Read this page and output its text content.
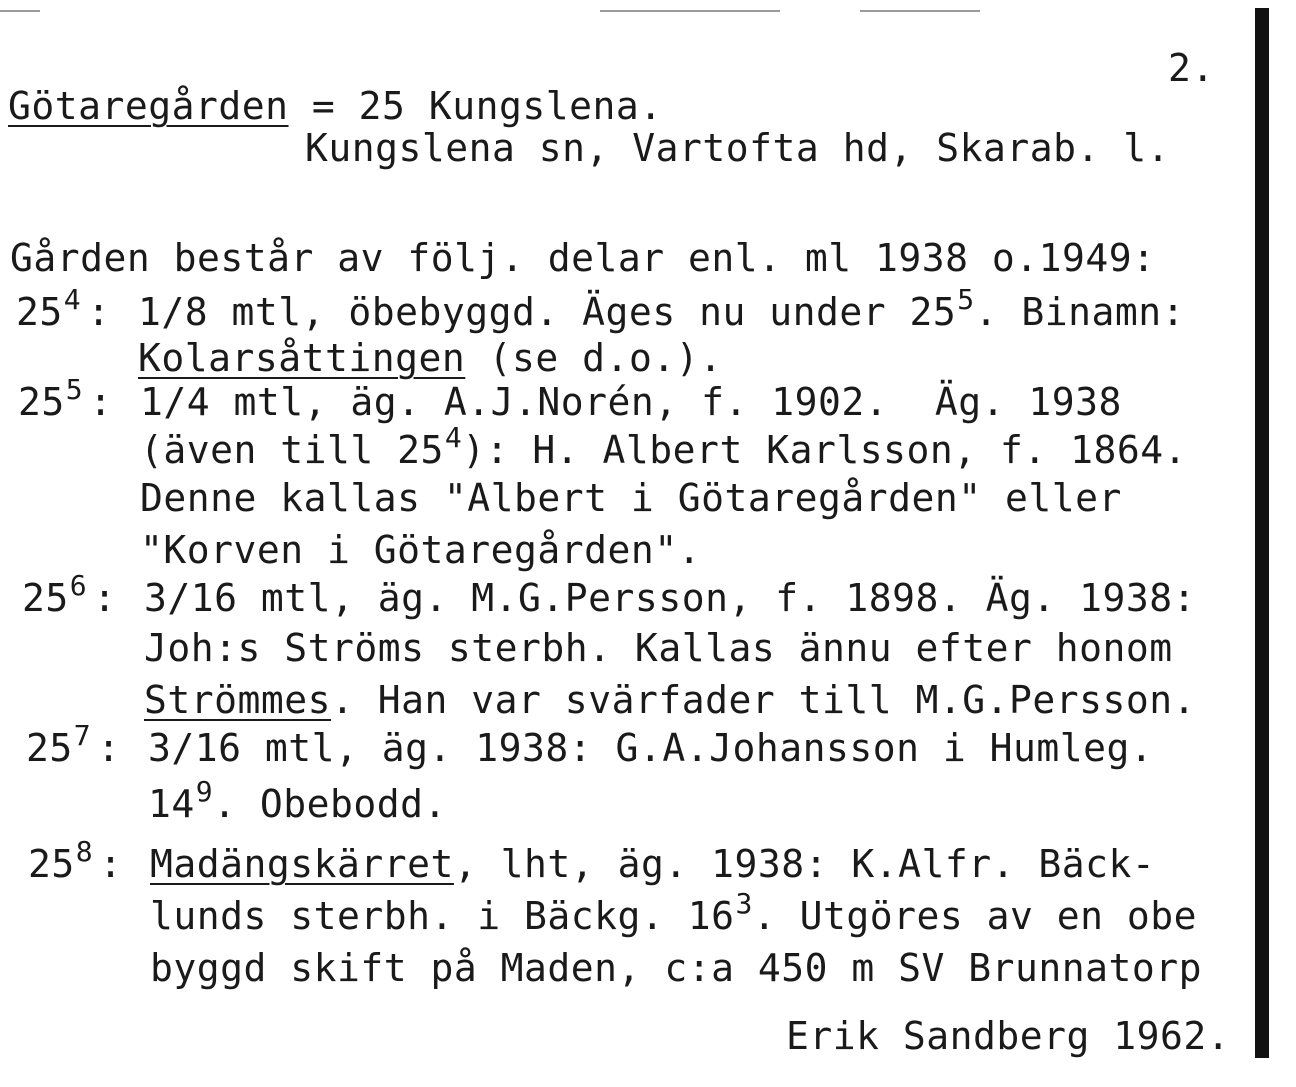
2.
Götaregården = 25 Kungslena.
Kungslena sn, Vartofta hd, Skarab. l.
Gården består av följ. delar enl. ml 1938 o.1949:
$25^4$ : 1/8 mtl, öbebyggd. Äges nu under $25^5$. Binamn:
Kolarsåttingen (se d.o.).
$25^5$ : 1/4 mtl, äg. A.J.Norén, f. 1902.  Äg. 1938
(även till $25^4$): H. Albert Karlsson, f. 1864.
Denne kallas "Albert i Götaregården" eller
"Korven i Götaregården".
$25^6$ : 3/16 mtl, äg. M.G.Persson, f. 1898. Äg. 1938:
Joh:s Ströms sterbh. Kallas ännu efter honom
Strömmes. Han var svärfader till M.G.Persson.
$25^7$ : 3/16 mtl, äg. 1938: G.A.Johansson i Humleg.
$14^9$. Obebodd.
$25^8$ : Madängskärret, lht, äg. 1938: K.Alfr. Bäck-
lunds sterbh. i Bäckg. $16^3$. Utgöres av en obe
byggd skift på Maden, c:a 450 m SV Brunnatorp
Erik Sandberg 1962.
